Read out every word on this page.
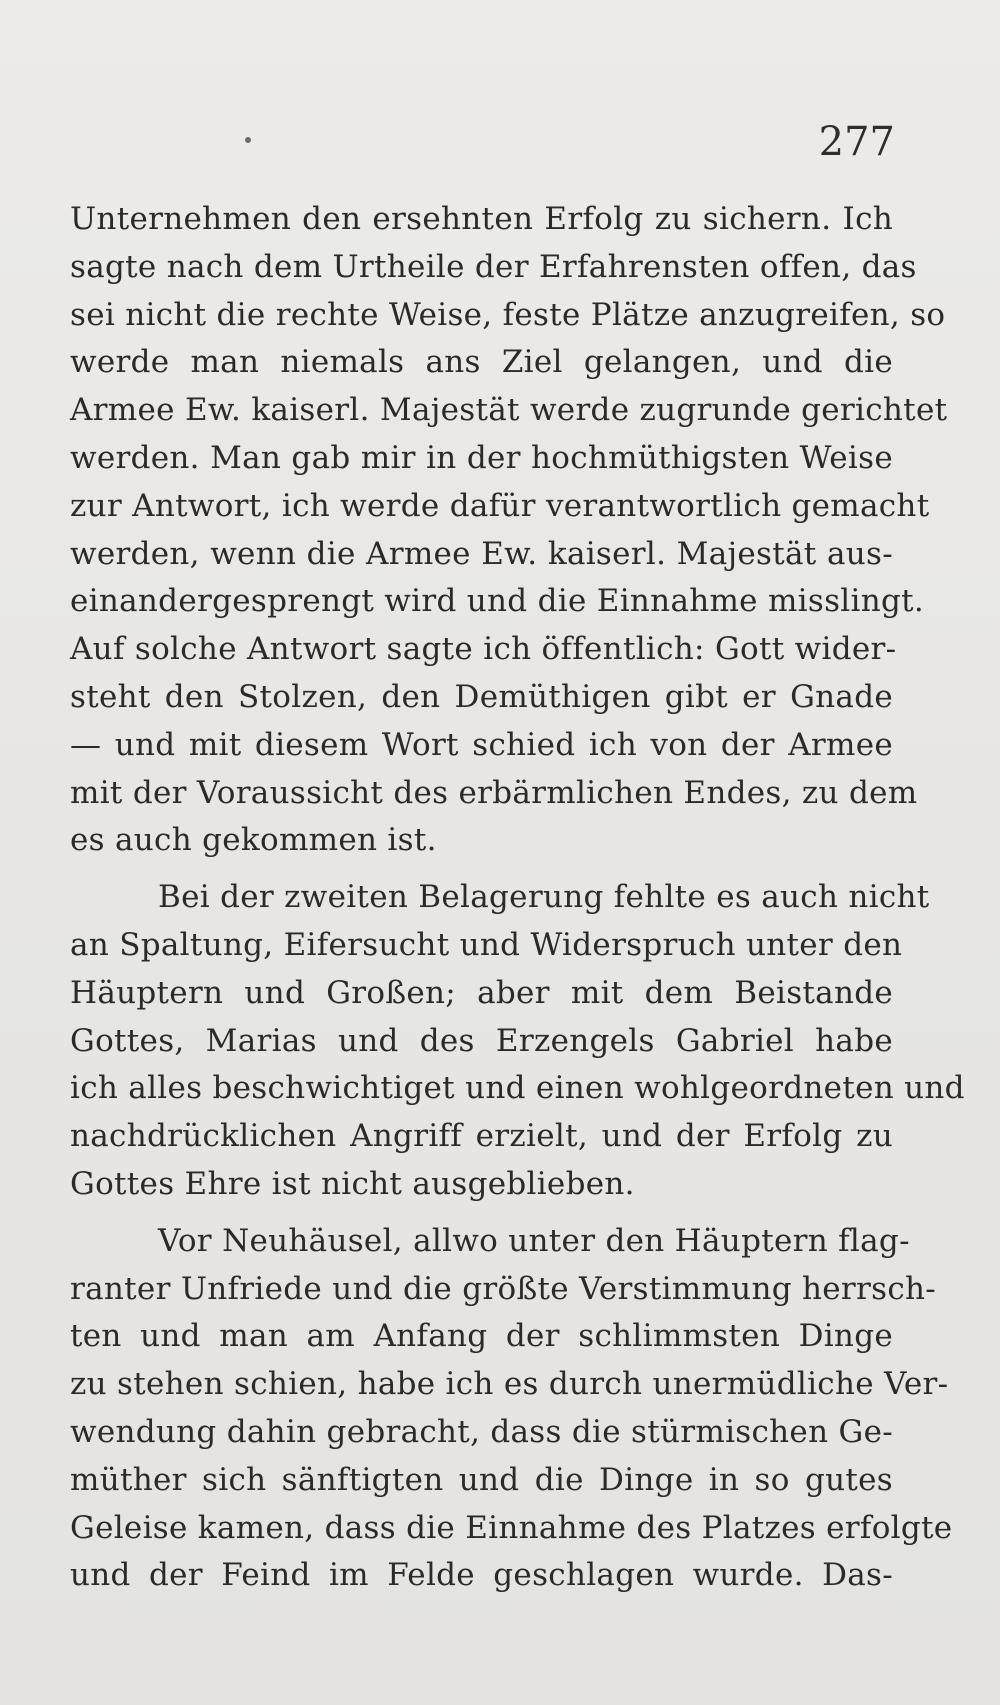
277
Unternehmen den ersehnten Erfolg zu sichern. Ich
sagte nach dem Urtheile der Erfahrensten offen, das
sei nicht die rechte Weise, feste Plätze anzugreifen, so
werde man niemals ans Ziel gelangen, und die
Armee Ew. kaiserl. Majestät werde zugrunde gerichtet
werden. Man gab mir in der hochmüthigsten Weise
zur Antwort, ich werde dafür verantwortlich gemacht
werden, wenn die Armee Ew. kaiserl. Majestät aus-
einandergesprengt wird und die Einnahme misslingt.
Auf solche Antwort sagte ich öffentlich: Gott wider-
steht den Stolzen, den Demüthigen gibt er Gnade
— und mit diesem Wort schied ich von der Armee
mit der Voraussicht des erbärmlichen Endes, zu dem
es auch gekommen ist.
Bei der zweiten Belagerung fehlte es auch nicht
an Spaltung, Eifersucht und Widerspruch unter den
Häuptern und Großen; aber mit dem Beistande
Gottes, Marias und des Erzengels Gabriel habe
ich alles beschwichtiget und einen wohlgeordneten und
nachdrücklichen Angriff erzielt, und der Erfolg zu
Gottes Ehre ist nicht ausgeblieben.
Vor Neuhäusel, allwo unter den Häuptern flag-
ranter Unfriede und die größte Verstimmung herrsch-
ten und man am Anfang der schlimmsten Dinge
zu stehen schien, habe ich es durch unermüdliche Ver-
wendung dahin gebracht, dass die stürmischen Ge-
müther sich sänftigten und die Dinge in so gutes
Geleise kamen, dass die Einnahme des Platzes erfolgte
und der Feind im Felde geschlagen wurde. Das-
